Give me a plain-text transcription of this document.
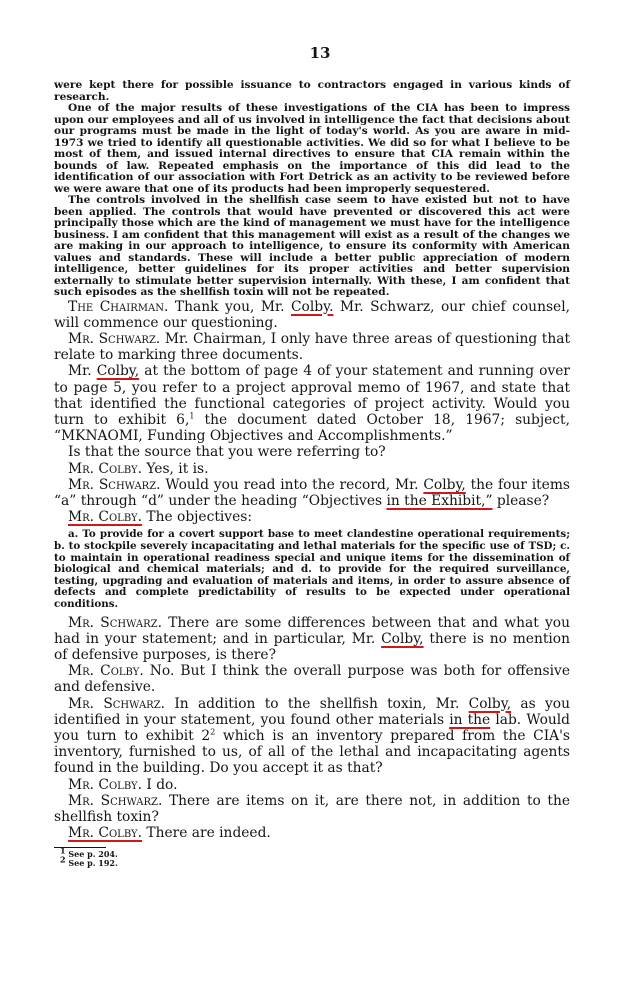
13

were kept there for possible issuance to contractors engaged in various kinds of research.

One of the major results of these investigations of the CIA has been to impress upon our employees and all of us involved in intelligence the fact that decisions about our programs must be made in the light of today's world. As you are aware in mid-1973 we tried to identify all questionable activities. We did so for what I believe to be most of them, and issued internal directives to ensure that CIA remain within the bounds of law. Repeated emphasis on the importance of this did lead to the identification of our association with Fort Detrick as an activity to be reviewed before we were aware that one of its products had been improperly sequestered.

The controls involved in the shellfish case seem to have existed but not to have been applied. The controls that would have prevented or discovered this act were principally those which are the kind of management we must have for the intelligence business. I am confident that this management will exist as a result of the changes we are making in our approach to intelligence, to ensure its conformity with American values and standards. These will include a better public appreciation of modern intelligence, better guidelines for its proper activities and better supervision externally to stimulate better supervision internally. With these, I am confident that such episodes as the shellfish toxin will not be repeated.

The Chairman. Thank you, Mr. Colby. Mr. Schwarz, our chief counsel, will commence our questioning.

Mr. Schwarz. Mr. Chairman, I only have three areas of questioning that relate to marking three documents.

Mr. Colby, at the bottom of page 4 of your statement and running over to page 5, you refer to a project approval memo of 1967, and state that that identified the functional categories of project activity. Would you turn to exhibit 6,$^1$ the document dated October 18, 1967; subject, “MKNAOMI, Funding Objectives and Accomplishments.”

Is that the source that you were referring to?

Mr. Colby. Yes, it is.

Mr. Schwarz. Would you read into the record, Mr. Colby, the four items “a” through “d” under the heading “Objectives in the Exhibit,” please?

Mr. Colby. The objectives:

a. To provide for a covert support base to meet clandestine operational requirements; b. to stockpile severely incapacitating and lethal materials for the specific use of TSD; c. to maintain in operational readiness special and unique items for the dissemination of biological and chemical materials; and d. to provide for the required surveillance, testing, upgrading and evaluation of materials and items, in order to assure absence of defects and complete predictability of results to be expected under operational conditions.

Mr. Schwarz. There are some differences between that and what you had in your statement; and in particular, Mr. Colby, there is no mention of defensive purposes, is there?

Mr. Colby. No. But I think the overall purpose was both for offensive and defensive.

Mr. Schwarz. In addition to the shellfish toxin, Mr. Colby, as you identified in your statement, you found other materials in the lab. Would you turn to exhibit $2^2$ which is an inventory prepared from the CIA's inventory, furnished to us, of all of the lethal and incapacitating agents found in the building. Do you accept it as that?

Mr. Colby. I do.

Mr. Schwarz. There are items on it, are there not, in addition to the shellfish toxin?

Mr. Colby. There are indeed.

$^1$ See p. 204.
$^2$ See p. 192.
